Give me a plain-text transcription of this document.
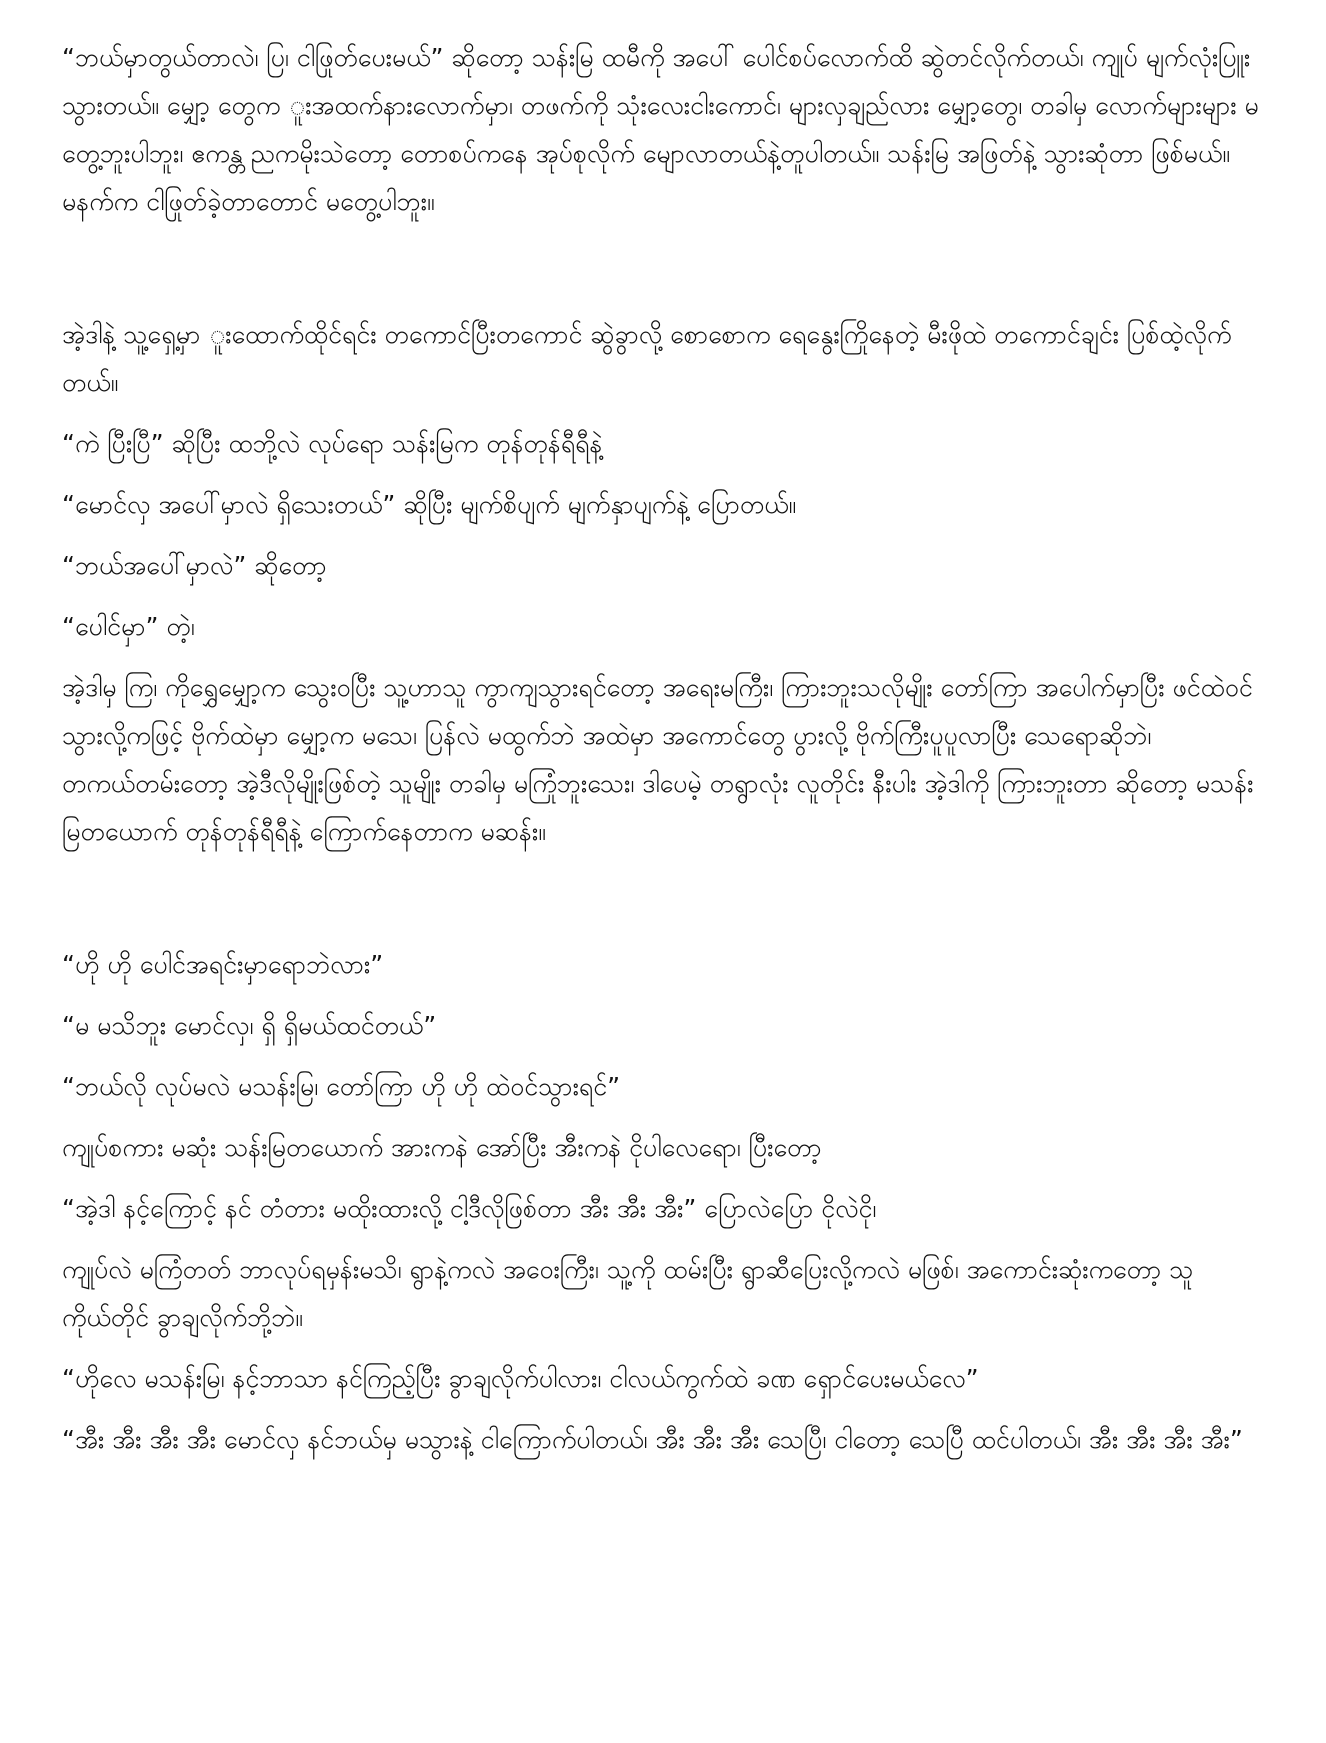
“ဘယ်မှာတွယ်တာလဲ၊ ပြ၊ ငါဖြုတ်ပေးမယ်” ဆိုတော့ သန်းမြ ထမီကို အပေါ် ပေါင်စပ်လောက်ထိ ဆွဲတင်လိုက်တယ်၊ ကျုပ် မျက်လုံးပြူးသွားတယ်။ မျှော့ တွေက ူးအထက်နားလောက်မှာ၊ တဖက်ကို သုံးလေးငါးကောင်၊ များလှချည်လား မျှော့တွေ၊ တခါမှ လောက်များများ မတွေ့ဘူးပါဘူး၊ ဧကန္တ ညကမိုးသဲတော့ တောစပ်ကနေ အုပ်စုလိုက် မျောလာတယ်နဲ့တူပါတယ်။ သန်းမြ အဖြတ်နဲ့ သွားဆုံတာ ဖြစ်မယ်။ မနက်က ငါဖြုတ်ခဲ့တာတောင် မတွေ့ပါဘူး။

အဲ့ဒါနဲ့ သူ့ရှေ့မှာ ူးထောက်ထိုင်ရင်း တကောင်ပြီးတကောင် ဆွဲခွာလို့ စောစောက ရေနွေးကြိုနေတဲ့ မီးဖိုထဲ တကောင်ချင်း ပြစ်ထဲ့လိုက်တယ်။

“ကဲ ပြီးပြီ” ဆိုပြီး ထဘို့လဲ လုပ်ရော သန်းမြက တုန်တုန်ရီရီနဲ့

“မောင်လှ အပေါ်မှာလဲ ရှိသေးတယ်” ဆိုပြီး မျက်စိပျက် မျက်နှာပျက်နဲ့ ပြောတယ်။

“ဘယ်အပေါ်မှာလဲ” ဆိုတော့

“ပေါင်မှာ” တဲ့၊

အဲ့ဒါမှ ကြ၊ ကိုရွှေမျှော့က သွေးဝပြီး သူ့ဟာသူ ကွာကျသွားရင်တော့ အရေးမကြီး၊ ကြားဘူးသလိုမျိုး တော်ကြာ အပေါက်မှာပြီး ဖင်ထဲဝင်သွားလို့ကဖြင့် ဗိုက်ထဲမှာ မျှော့က မသေ၊ ပြန်လဲ မထွက်ဘဲ အထဲမှာ အကောင်တွေ ပွားလို့ ဗိုက်ကြီးပူပူလာပြီး သေရောဆိုဘဲ၊ တကယ်တမ်းတော့ အဲ့ဒီလိုမျိုးဖြစ်တဲ့ သူမျိုး တခါမှ မကြုံဘူးသေး၊ ဒါပေမဲ့ တရွာလုံး လူတိုင်း နီးပါး အဲ့ဒါကို ကြားဘူးတာ ဆိုတော့ မသန်းမြတယောက် တုန်တုန်ရီရီနဲ့ ကြောက်နေတာက မဆန်း။

“ဟို ဟို ပေါင်အရင်းမှာရောဘဲလား”

“မ မသိဘူး မောင်လှ၊ ရှိ ရှိမယ်ထင်တယ်”

“ဘယ်လို လုပ်မလဲ မသန်းမြ၊ တော်ကြာ ဟို ဟို ထဲဝင်သွားရင်”

ကျုပ်စကား မဆုံး သန်းမြတယောက် အားကနဲ အော်ပြီး အီးကနဲ ငိုပါလေရော၊ ပြီးတော့

“အဲ့ဒါ နင့်ကြောင့် နင် တံတား မထိုးထားလို့ ငါ့ဒီလိုဖြစ်တာ အီး အီး အီး” ပြောလဲပြော ငိုလဲငို၊

ကျုပ်လဲ မကြံတတ် ဘာလုပ်ရမှန်းမသိ၊ ရွာနဲ့ကလဲ အဝေးကြီး၊ သူ့ကို ထမ်းပြီး ရွာဆီပြေးလို့ကလဲ မဖြစ်၊ အကောင်းဆုံးကတော့ သူကိုယ်တိုင် ခွာချလိုက်ဘို့ဘဲ။

“ဟိုလေ မသန်းမြ၊ နင့်ဘာသာ နင်ကြည့်ပြီး ခွာချလိုက်ပါလား၊ ငါလယ်ကွက်ထဲ ခဏ ရှောင်ပေးမယ်လေ”

“အီး အီး အီး အီး မောင်လှ နင်ဘယ်မှ မသွားနဲ့ ငါကြောက်ပါတယ်၊ အီး အီး အီး သေပြီ၊ ငါတော့ သေပြီ ထင်ပါတယ်၊ အီး အီး အီး အီး”
